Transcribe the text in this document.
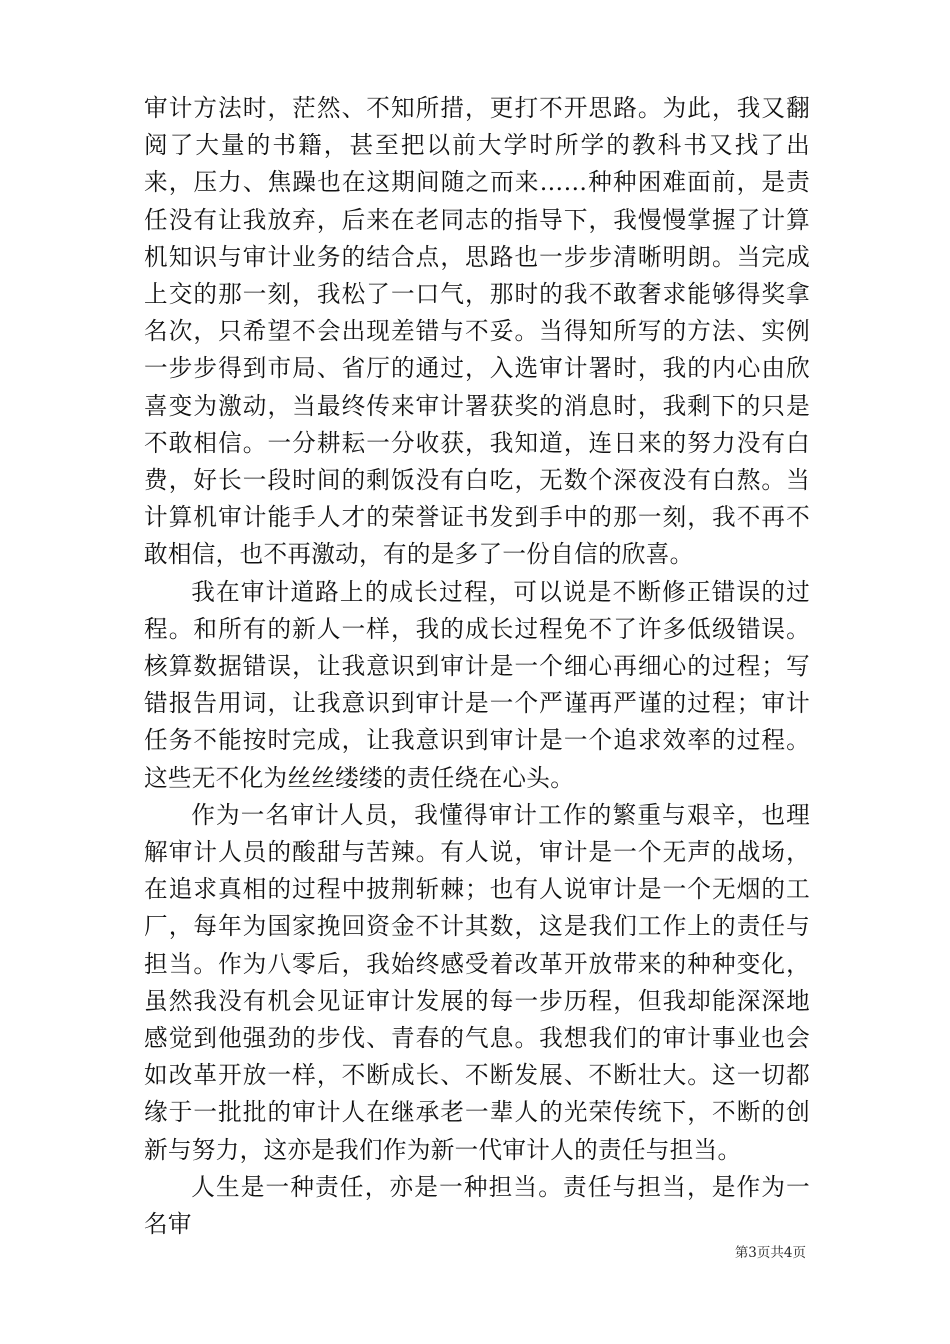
审计方法时，茫然、不知所措，更打不开思路。为此，我又翻阅了大量的书籍，甚至把以前大学时所学的教科书又找了出来，压力、焦躁也在这期间随之而来……种种困难面前，是责任没有让我放弃，后来在老同志的指导下，我慢慢掌握了计算机知识与审计业务的结合点，思路也一步步清晰明朗。当完成上交的那一刻，我松了一口气，那时的我不敢奢求能够得奖拿名次，只希望不会出现差错与不妥。当得知所写的方法、实例一步步得到市局、省厅的通过，入选审计署时，我的内心由欣喜变为激动，当最终传来审计署获奖的消息时，我剩下的只是不敢相信。一分耕耘一分收获，我知道，连日来的努力没有白费，好长一段时间的剩饭没有白吃，无数个深夜没有白熬。当计算机审计能手人才的荣誉证书发到手中的那一刻，我不再不敢相信，也不再激动，有的是多了一份自信的欣喜。

我在审计道路上的成长过程，可以说是不断修正错误的过程。和所有的新人一样，我的成长过程免不了许多低级错误。核算数据错误，让我意识到审计是一个细心再细心的过程；写错报告用词，让我意识到审计是一个严谨再严谨的过程；审计任务不能按时完成，让我意识到审计是一个追求效率的过程。这些无不化为丝丝缕缕的责任绕在心头。

作为一名审计人员，我懂得审计工作的繁重与艰辛，也理解审计人员的酸甜与苦辣。有人说，审计是一个无声的战场，在追求真相的过程中披荆斩棘；也有人说审计是一个无烟的工厂，每年为国家挽回资金不计其数，这是我们工作上的责任与担当。作为八零后，我始终感受着改革开放带来的种种变化，虽然我没有机会见证审计发展的每一步历程，但我却能深深地感觉到他强劲的步伐、青春的气息。我想我们的审计事业也会如改革开放一样，不断成长、不断发展、不断壮大。这一切都缘于一批批的审计人在继承老一辈人的光荣传统下，不断的创新与努力，这亦是我们作为新一代审计人的责任与担当。

人生是一种责任，亦是一种担当。责任与担当，是作为一名审

第3页共4页
